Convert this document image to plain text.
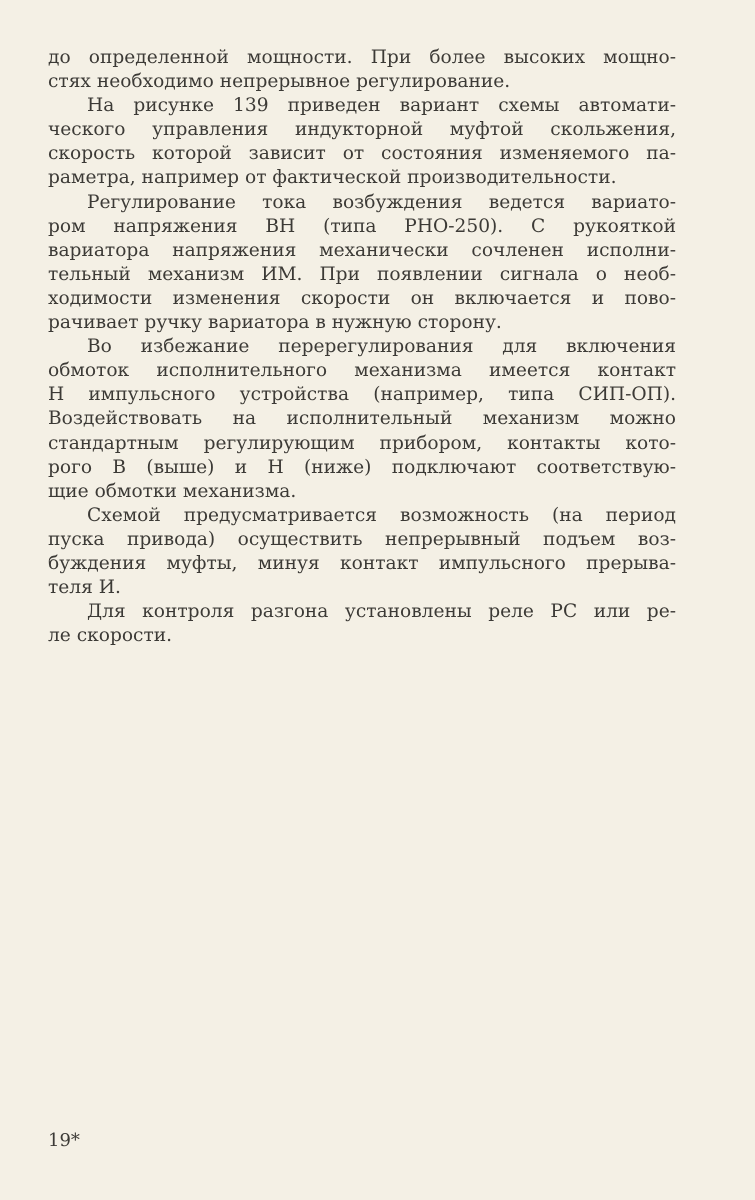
до определенной мощности. При более высоких мощно-
стях необходимо непрерывное регулирование.
На рисунке 139 приведен вариант схемы автомати-
ческого управления индукторной муфтой скольжения,
скорость которой зависит от состояния изменяемого па-
раметра, например от фактической производительности.
Регулирование тока возбуждения ведется вариато-
ром напряжения ВН (типа РНО-250). С рукояткой
вариатора напряжения механически сочленен исполни-
тельный механизм ИМ. При появлении сигнала о необ-
ходимости изменения скорости он включается и пово-
рачивает ручку вариатора в нужную сторону.
Во избежание перерегулирования для включения
обмоток исполнительного механизма имеется контакт
Н импульсного устройства (например, типа СИП-ОП).
Воздействовать на исполнительный механизм можно
стандартным регулирующим прибором, контакты кото-
рого В (выше) и Н (ниже) подключают соответствую-
щие обмотки механизма.
Схемой предусматривается возможность (на период
пуска привода) осуществить непрерывный подъем воз-
буждения муфты, минуя контакт импульсного прерыва-
теля И.
Для контроля разгона установлены реле РС или ре-
ле скорости.
19*
